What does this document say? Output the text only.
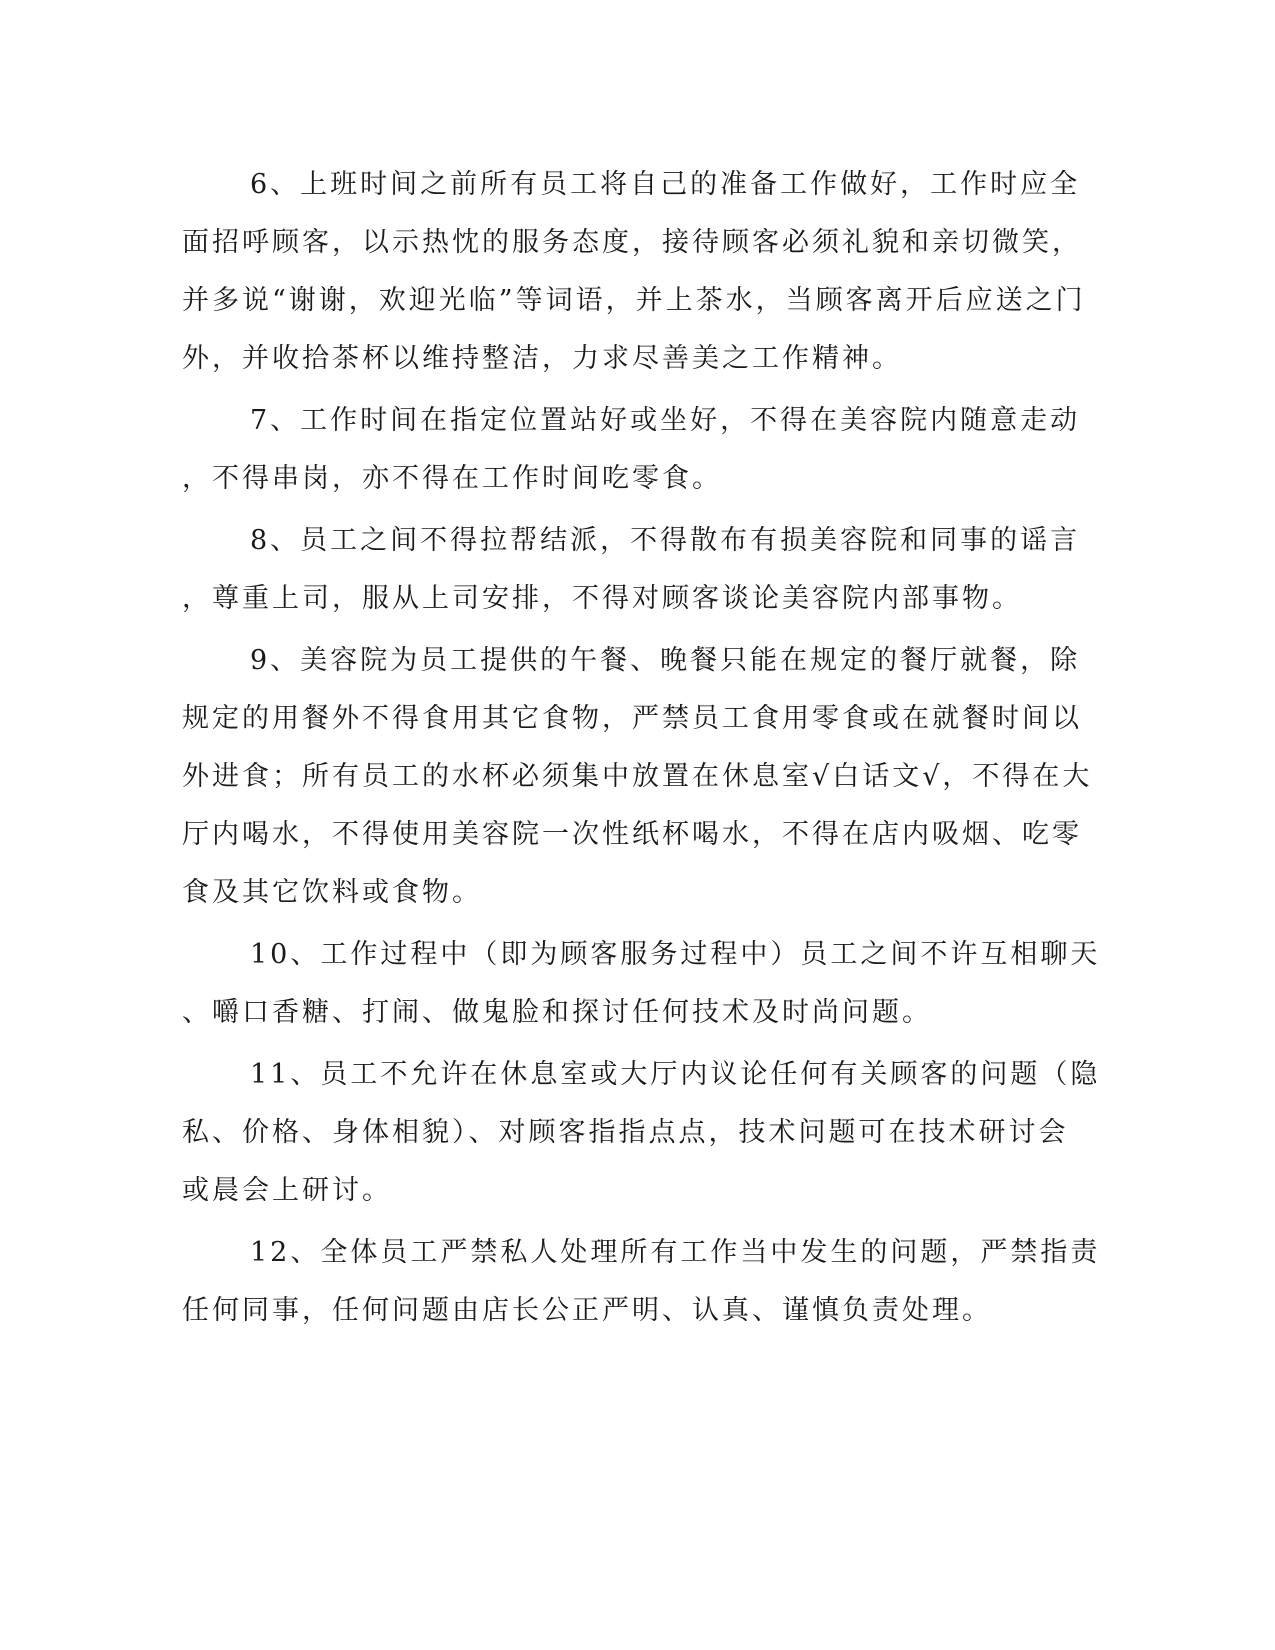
6、上班时间之前所有员工将自己的准备工作做好，工作时应全
面招呼顾客，以示热忱的服务态度，接待顾客必须礼貌和亲切微笑，
并多说“谢谢，欢迎光临”等词语，并上茶水，当顾客离开后应送之门
外，并收拾茶杯以维持整洁，力求尽善美之工作精神。

7、工作时间在指定位置站好或坐好，不得在美容院内随意走动
，不得串岗，亦不得在工作时间吃零食。

8、员工之间不得拉帮结派，不得散布有损美容院和同事的谣言
，尊重上司，服从上司安排，不得对顾客谈论美容院内部事物。

9、美容院为员工提供的午餐、晚餐只能在规定的餐厅就餐，除
规定的用餐外不得食用其它食物，严禁员工食用零食或在就餐时间以
外进食；所有员工的水杯必须集中放置在休息室√白话文√，不得在大
厅内喝水，不得使用美容院一次性纸杯喝水，不得在店内吸烟、吃零
食及其它饮料或食物。

10、工作过程中（即为顾客服务过程中）员工之间不许互相聊天
、嚼口香糖、打闹、做鬼脸和探讨任何技术及时尚问题。

11、员工不允许在休息室或大厅内议论任何有关顾客的问题（隐
私、价格、身体相貌）、对顾客指指点点，技术问题可在技术研讨会
或晨会上研讨。

12、全体员工严禁私人处理所有工作当中发生的问题，严禁指责
任何同事，任何问题由店长公正严明、认真、谨慎负责处理。
